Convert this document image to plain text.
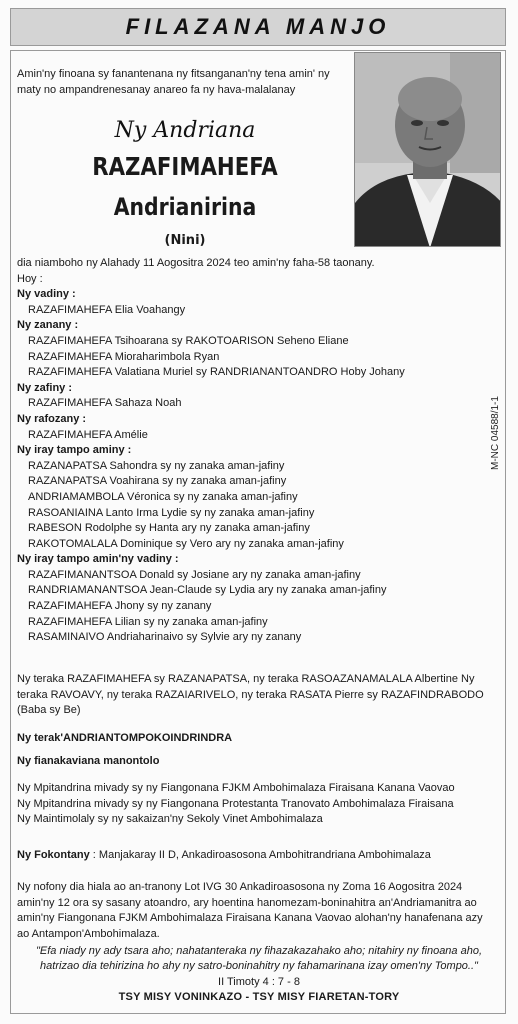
FILAZANA MANJO
Amin'ny finoana sy fanantenana ny fitsanganan'ny tena amin' ny maty no ampandrenesanay anareo fa ny hava-malalanay
Ny Andriana
RAZAFIMAHEFA
Andrianirina
(Nini)
dia niamboho ny Alahady 11 Aogositra 2024 teo amin'ny faha-58 taonany.
Hoy :
Ny vadiny :
RAZAFIMAHEFA Elia Voahangy
Ny zanany :
RAZAFIMAHEFA Tsihoarana sy RAKOTOARISON Seheno Eliane
RAZAFIMAHEFA Mioraharimbola Ryan
RAZAFIMAHEFA Valatiana Muriel sy RANDRIANANTOANDRO Hoby Johany
Ny zafiny :
RAZAFIMAHEFA Sahaza Noah
Ny rafozany :
RAZAFIMAHEFA Amélie
Ny iray tampo aminy :
RAZANAPATSA Sahondra sy ny zanaka aman-jafiny
RAZANAPATSA Voahirana sy ny zanaka aman-jafiny
ANDRIAMAMBOLA Véronica sy ny zanaka aman-jafiny
RASOANIAINA Lanto Irma Lydie sy ny zanaka aman-jafiny
RABESON Rodolphe sy Hanta ary ny zanaka aman-jafiny
RAKOTOMALALA Dominique sy Vero ary ny zanaka aman-jafiny
Ny iray tampo amin'ny vadiny :
RAZAFIMANANTSOA Donald sy Josiane ary ny zanaka aman-jafiny
RANDRIAMANANTSOA Jean-Claude sy Lydia ary ny zanaka aman-jafiny
RAZAFIMAHEFA Jhony sy ny zanany
RAZAFIMAHEFA Lilian sy ny zanaka aman-jafiny
RASAMINAIVO Andriaharinaivo sy Sylvie ary ny zanany
Ny teraka RAZAFIMAHEFA sy RAZANAPATSA, ny teraka RASOAZANAMALALA Albertine Ny teraka RAVOAVY, ny teraka RAZAIARIVELO, ny teraka RASATA Pierre sy RAZAFINDRABODO (Baba sy Be)
Ny terak'ANDRIANTOMPOKOINDRINDRA
Ny fianakaviana manontolo
Ny Mpitandrina mivady sy ny Fiangonana FJKM Ambohimalaza Firaisana Kanana Vaovao
Ny Mpitandrina mivady sy ny Fiangonana Protestanta Tranovato Ambohimalaza Firaisana
Ny Maintimolaly sy ny sakaizan'ny Sekoly Vinet Ambohimalaza
Ny Fokontany : Manjakaray II D, Ankadiroasosona Ambohitrandriana Ambohimalaza
Ny nofony dia hiala ao an-tranony Lot IVG 30 Ankadiroasosona ny Zoma 16 Aogositra 2024 amin'ny 12 ora sy sasany atoandro, ary hoentina hanomezam-boninahitra an'Andriamanitra ao amin'ny Fiangonana FJKM Ambohimalaza Firaisana Kanana Vaovao alohan'ny hanafenana azy ao Antampon'Ambohimalaza.
"Efa niady ny ady tsara aho; nahatanteraka ny fihazakazahako aho; nitahiry ny finoana aho, hatrizao dia tehirizina ho ahy ny satro-boninahitry ny fahamarinana izay omen'ny Tompo.."
II Timoty 4 : 7 - 8
TSY MISY VONINKAZO - TSY MISY FIARETAN-TORY
M-NC 04588/1-1
